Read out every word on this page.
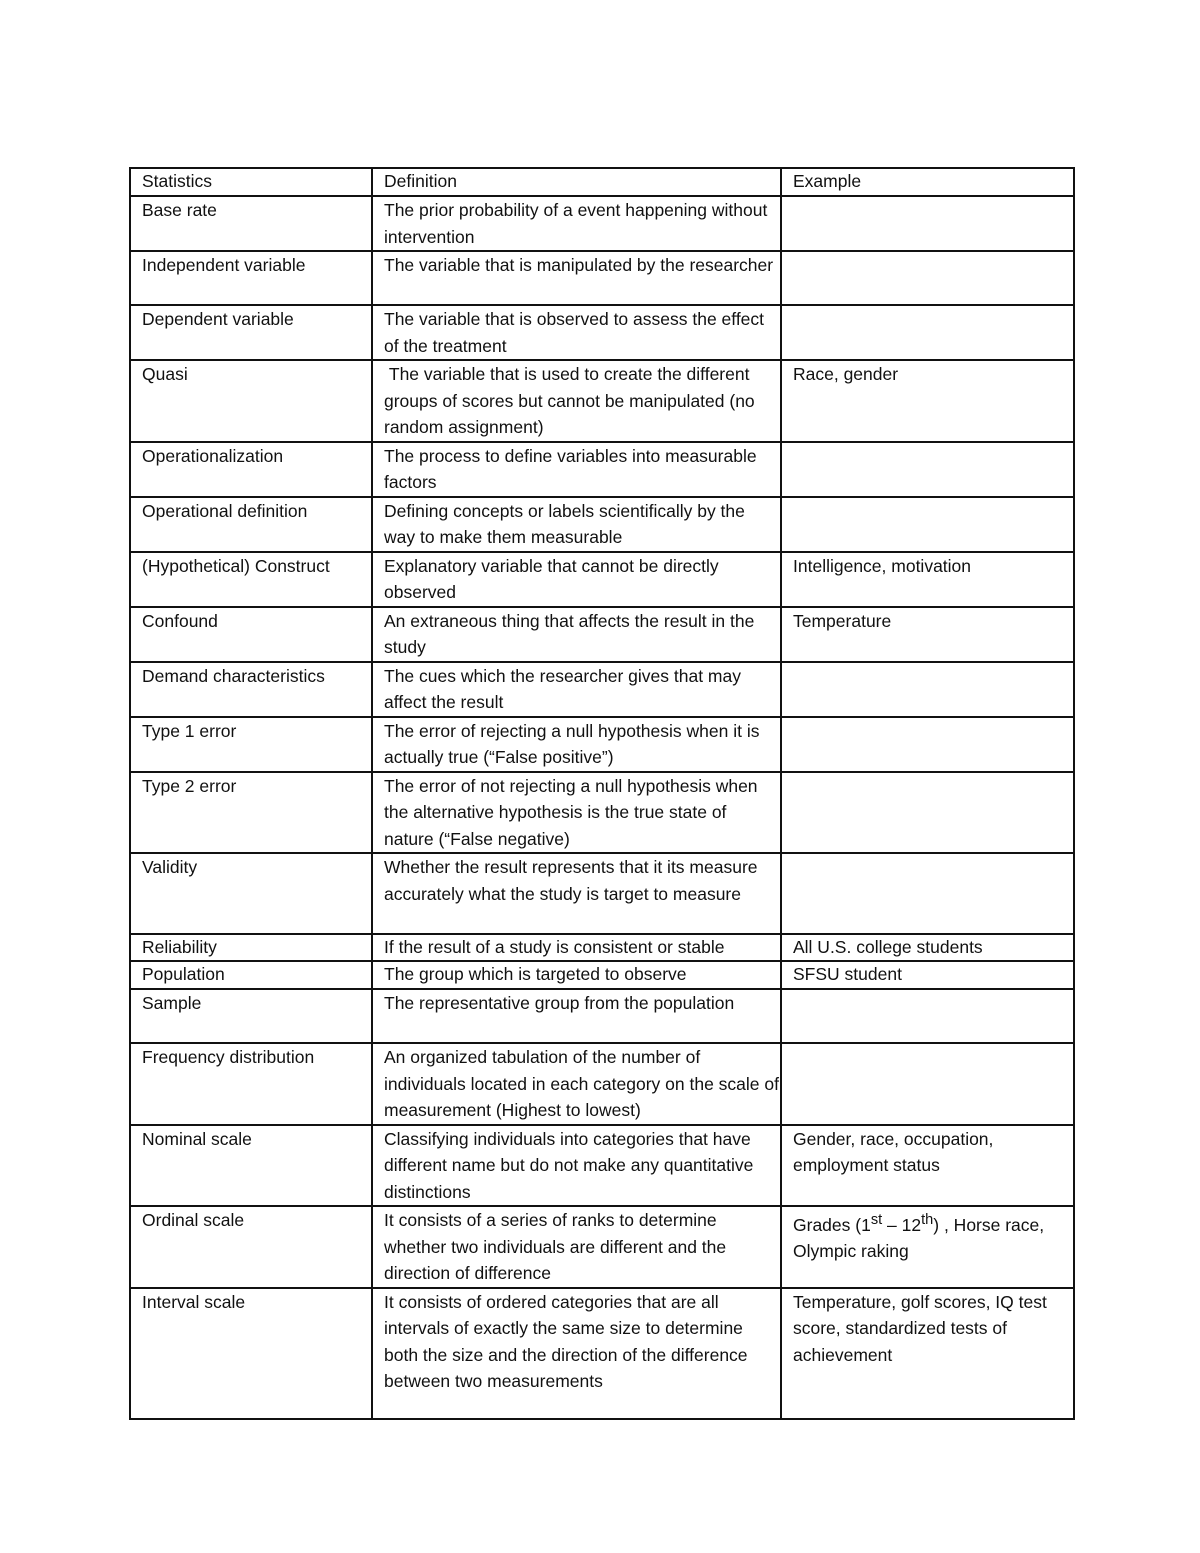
Statistics	Definition	Example
Base rate	The prior probability of a event happening without intervention	
Independent variable	The variable that is manipulated by the researcher	
Dependent variable	The variable that is observed to assess the effect of the treatment	
Quasi	The variable that is used to create the different groups of scores but cannot be manipulated (no random assignment)	Race, gender
Operationalization	The process to define variables into measurable factors	
Operational definition	Defining concepts or labels scientifically by the way to make them measurable	
(Hypothetical) Construct	Explanatory variable that cannot be directly observed	Intelligence, motivation
Confound	An extraneous thing that affects the result in the study	Temperature
Demand characteristics	The cues which the researcher gives that may affect the result	
Type 1 error	The error of rejecting a null hypothesis when it is actually true (“False positive”)	
Type 2 error	The error of not rejecting a null hypothesis when the alternative hypothesis is the true state of nature (“False negative)	
Validity	Whether the result represents that it its measure accurately what the study is target to measure	
Reliability	If the result of a study is consistent or stable	All U.S. college students
Population	The group which is targeted to observe	SFSU student
Sample	The representative group from the population	
Frequency distribution	An organized tabulation of the number of individuals located in each category on the scale of measurement (Highest to lowest)	
Nominal scale	Classifying individuals into categories that have different name but do not make any quantitative distinctions	Gender, race, occupation, employment status
Ordinal scale	It consists of a series of ranks to determine whether two individuals are different and the direction of difference	Grades (1st – 12th) , Horse race, Olympic raking
Interval scale	It consists of ordered categories that are all intervals of exactly the same size to determine both the size and the direction of the difference between two measurements	Temperature, golf scores, IQ test score, standardized tests of achievement
